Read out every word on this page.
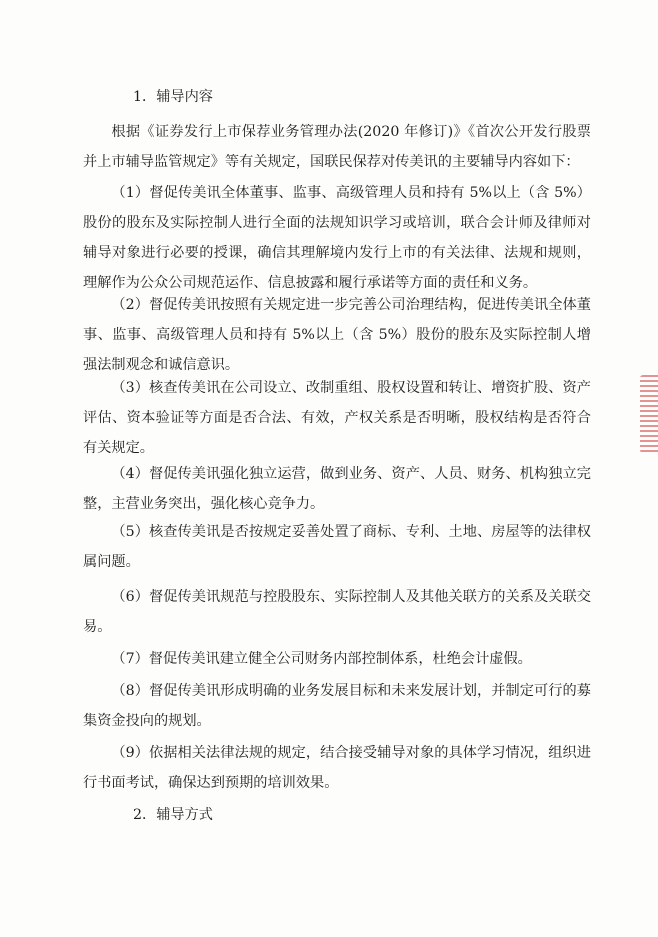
1．辅导内容

根据《证券发行上市保荐业务管理办法(2020 年修订)》《首次公开发行股票并上市辅导监管规定》等有关规定，国联民保荐对传美讯的主要辅导内容如下：

（1）督促传美讯全体董事、监事、高级管理人员和持有 5%以上（含 5%）股份的股东及实际控制人进行全面的法规知识学习或培训，联合会计师及律师对辅导对象进行必要的授课，确信其理解境内发行上市的有关法律、法规和规则，理解作为公众公司规范运作、信息披露和履行承诺等方面的责任和义务。

（2）督促传美讯按照有关规定进一步完善公司治理结构，促进传美讯全体董事、监事、高级管理人员和持有 5%以上（含 5%）股份的股东及实际控制人增强法制观念和诚信意识。

（3）核查传美讯在公司设立、改制重组、股权设置和转让、增资扩股、资产评估、资本验证等方面是否合法、有效，产权关系是否明晰，股权结构是否符合有关规定。

（4）督促传美讯强化独立运营，做到业务、资产、人员、财务、机构独立完整，主营业务突出，强化核心竞争力。

（5）核查传美讯是否按规定妥善处置了商标、专利、土地、房屋等的法律权属问题。

（6）督促传美讯规范与控股股东、实际控制人及其他关联方的关系及关联交易。

（7）督促传美讯建立健全公司财务内部控制体系，杜绝会计虚假。

（8）督促传美讯形成明确的业务发展目标和未来发展计划，并制定可行的募集资金投向的规划。

（9）依据相关法律法规的规定，结合接受辅导对象的具体学习情况，组织进行书面考试，确保达到预期的培训效果。

2．辅导方式
